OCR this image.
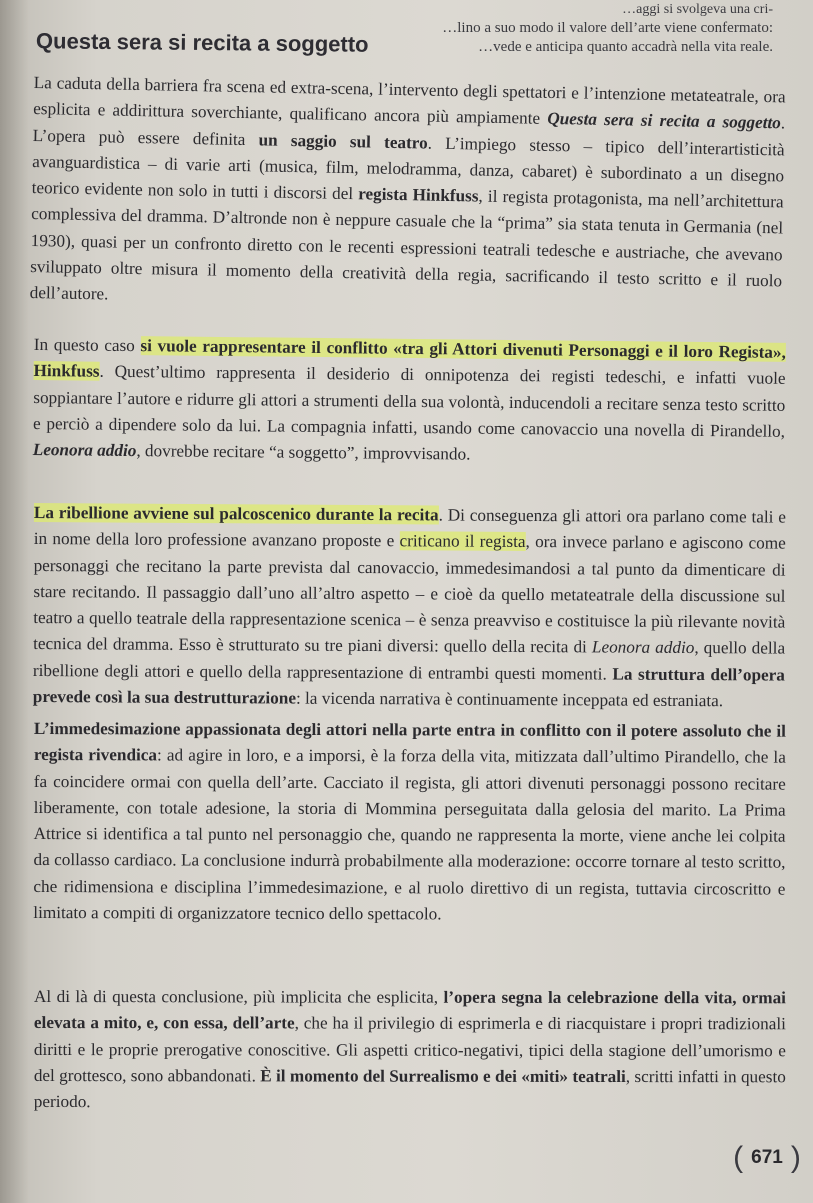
…aggi si svolgeva una cri-
…lino a suo modo il valore dell’arte viene confermato:
…vede e anticipa quanto accadrà nella vita reale.
Questa sera si recita a soggetto

La caduta della barriera fra scena ed extra-scena, l’intervento degli spettatori e l’intenzione metateatrale, ora esplicita e addirittura soverchiante, qualificano ancora più ampiamente Questa sera si recita a soggetto. L’opera può essere definita un saggio sul teatro. L’impiego stesso – tipico dell’interartisticità avanguardistica – di varie arti (musica, film, melodramma, danza, cabaret) è subordinato a un disegno teorico evidente non solo in tutti i discorsi del regista Hinkfuss, il regista protagonista, ma nell’architettura complessiva del dramma. D’altronde non è neppure casuale che la “prima” sia stata tenuta in Germania (nel 1930), quasi per un confronto diretto con le recenti espressioni teatrali tedesche e austriache, che avevano sviluppato oltre misura il momento della creatività della regia, sacrificando il testo scritto e il ruolo dell’autore.

In questo caso si vuole rappresentare il conflitto «tra gli Attori divenuti Personaggi e il loro Regista», Hinkfuss. Quest’ultimo rappresenta il desiderio di onnipotenza dei registi tedeschi, e infatti vuole soppiantare l’autore e ridurre gli attori a strumenti della sua volontà, inducendoli a recitare senza testo scritto e perciò a dipendere solo da lui. La compagnia infatti, usando come canovaccio una novella di Pirandello, Leonora addio, dovrebbe recitare “a soggetto”, improvvisando.

La ribellione avviene sul palcoscenico durante la recita. Di conseguenza gli attori ora parlano come tali e in nome della loro professione avanzano proposte e criticano il regista, ora invece parlano e agiscono come personaggi che recitano la parte prevista dal canovaccio, immedesimandosi a tal punto da dimenticare di stare recitando. Il passaggio dall’uno all’altro aspetto – e cioè da quello metateatrale della discussione sul teatro a quello teatrale della rappresentazione scenica – è senza preavviso e costituisce la più rilevante novità tecnica del dramma. Esso è strutturato su tre piani diversi: quello della recita di Leonora addio, quello della ribellione degli attori e quello della rappresentazione di entrambi questi momenti. La struttura dell’opera prevede così la sua destrutturazione: la vicenda narrativa è continuamente inceppata ed estraniata.

L’immedesimazione appassionata degli attori nella parte entra in conflitto con il potere assoluto che il regista rivendica: ad agire in loro, e a imporsi, è la forza della vita, mitizzata dall’ultimo Pirandello, che la fa coincidere ormai con quella dell’arte. Cacciato il regista, gli attori divenuti personaggi possono recitare liberamente, con totale adesione, la storia di Mommina perseguitata dalla gelosia del marito. La Prima Attrice si identifica a tal punto nel personaggio che, quando ne rappresenta la morte, viene anche lei colpita da collasso cardiaco. La conclusione indurrà probabilmente alla moderazione: occorre tornare al testo scritto, che ridimensiona e disciplina l’immedesimazione, e al ruolo direttivo di un regista, tuttavia circoscritto e limitato a compiti di organizzatore tecnico dello spettacolo.

Al di là di questa conclusione, più implicita che esplicita, l’opera segna la celebrazione della vita, ormai elevata a mito, e, con essa, dell’arte, che ha il privilegio di esprimerla e di riacquistare i propri tradizionali diritti e le proprie prerogative conoscitive. Gli aspetti critico-negativi, tipici della stagione dell’umorismo e del grottesco, sono abbandonati. È il momento del Surrealismo e dei «miti» teatrali, scritti infatti in questo periodo.

( 671 )
